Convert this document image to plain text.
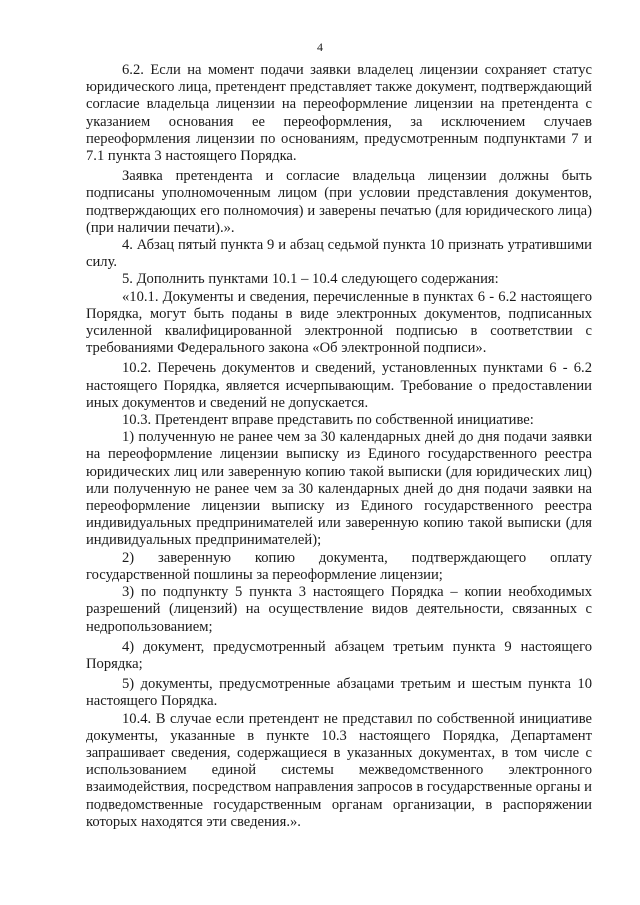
4

6.2. Если на момент подачи заявки владелец лицензии сохраняет статус юридического лица, претендент представляет также документ, подтверждающий согласие владельца лицензии на переоформление лицензии на претендента с указанием основания ее переоформления, за исключением случаев переоформления лицензии по основаниям, предусмотренным подпунктами 7 и 7.1 пункта 3 настоящего Порядка.

Заявка претендента и согласие владельца лицензии должны быть подписаны уполномоченным лицом (при условии представления документов, подтверждающих его полномочия) и заверены печатью (для юридического лица) (при наличии печати).».

4. Абзац пятый пункта 9 и абзац седьмой пункта 10 признать утратившими силу.

5. Дополнить пунктами 10.1 – 10.4 следующего содержания:

«10.1. Документы и сведения, перечисленные в пунктах 6 - 6.2 настоящего Порядка, могут быть поданы в виде электронных документов, подписанных усиленной квалифицированной электронной подписью в соответствии с требованиями Федерального закона «Об электронной подписи».

10.2. Перечень документов и сведений, установленных пунктами 6 - 6.2 настоящего Порядка, является исчерпывающим. Требование о предоставлении иных документов и сведений не допускается.

10.3. Претендент вправе представить по собственной инициативе:

1) полученную не ранее чем за 30 календарных дней до дня подачи заявки на переоформление лицензии выписку из Единого государственного реестра юридических лиц или заверенную копию такой выписки (для юридических лиц) или полученную не ранее чем за 30 календарных дней до дня подачи заявки на переоформление лицензии выписку из Единого государственного реестра индивидуальных предпринимателей или заверенную копию такой выписки (для индивидуальных предпринимателей);

2) заверенную копию документа, подтверждающего оплату государственной пошлины за переоформление лицензии;

3) по подпункту 5 пункта 3 настоящего Порядка – копии необходимых разрешений (лицензий) на осуществление видов деятельности, связанных с недропользованием;

4) документ, предусмотренный абзацем третьим пункта 9 настоящего Порядка;

5) документы, предусмотренные абзацами третьим и шестым пункта 10 настоящего Порядка.

10.4. В случае если претендент не представил по собственной инициативе документы, указанные в пункте 10.3 настоящего Порядка, Департамент запрашивает сведения, содержащиеся в указанных документах, в том числе с использованием единой системы межведомственного электронного взаимодействия, посредством направления запросов в государственные органы и подведомственные государственным органам организации, в распоряжении которых находятся эти сведения.».
